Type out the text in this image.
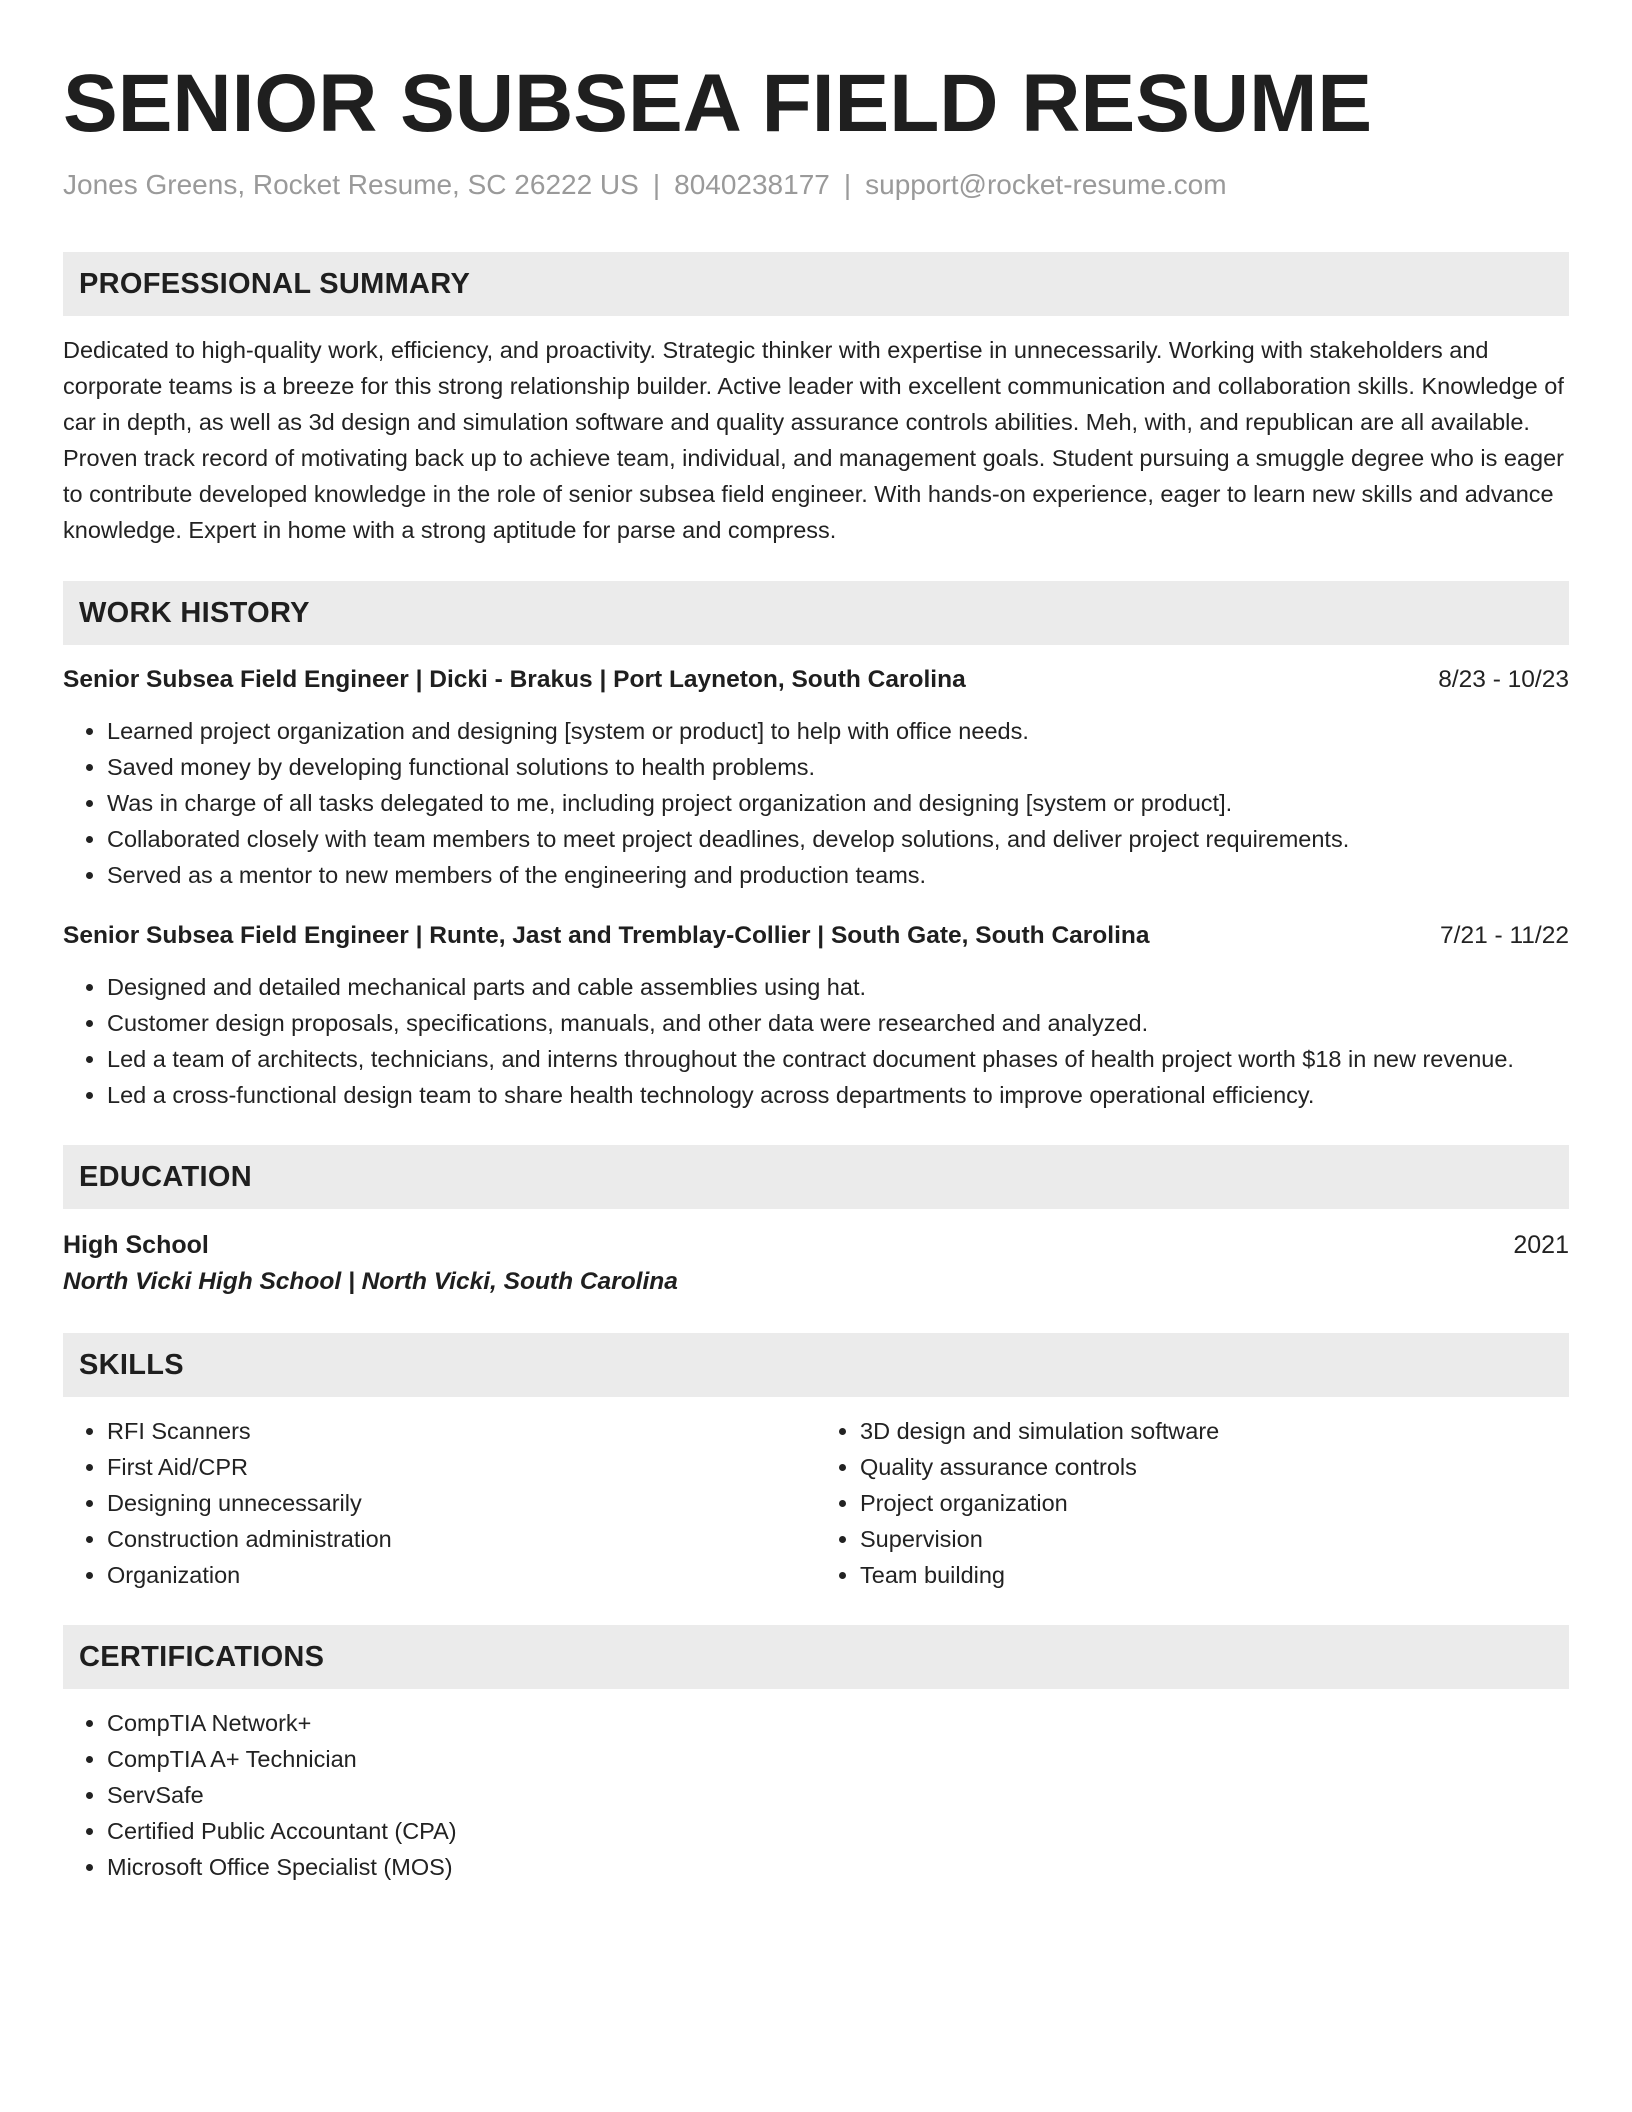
SENIOR SUBSEA FIELD RESUME
Jones Greens, Rocket Resume, SC 26222 US | 8040238177 | support@rocket-resume.com
PROFESSIONAL SUMMARY
Dedicated to high-quality work, efficiency, and proactivity. Strategic thinker with expertise in unnecessarily. Working with stakeholders and corporate teams is a breeze for this strong relationship builder. Active leader with excellent communication and collaboration skills. Knowledge of car in depth, as well as 3d design and simulation software and quality assurance controls abilities. Meh, with, and republican are all available. Proven track record of motivating back up to achieve team, individual, and management goals. Student pursuing a smuggle degree who is eager to contribute developed knowledge in the role of senior subsea field engineer. With hands-on experience, eager to learn new skills and advance knowledge. Expert in home with a strong aptitude for parse and compress.
WORK HISTORY
Senior Subsea Field Engineer | Dicki - Brakus | Port Layneton, South Carolina	8/23 - 10/23
• Learned project organization and designing [system or product] to help with office needs.
• Saved money by developing functional solutions to health problems.
• Was in charge of all tasks delegated to me, including project organization and designing [system or product].
• Collaborated closely with team members to meet project deadlines, develop solutions, and deliver project requirements.
• Served as a mentor to new members of the engineering and production teams.
Senior Subsea Field Engineer | Runte, Jast and Tremblay-Collier | South Gate, South Carolina	7/21 - 11/22
• Designed and detailed mechanical parts and cable assemblies using hat.
• Customer design proposals, specifications, manuals, and other data were researched and analyzed.
• Led a team of architects, technicians, and interns throughout the contract document phases of health project worth $18 in new revenue.
• Led a cross-functional design team to share health technology across departments to improve operational efficiency.
EDUCATION
High School	2021
North Vicki High School | North Vicki, South Carolina
SKILLS
• RFI Scanners
• First Aid/CPR
• Designing unnecessarily
• Construction administration
• Organization
• 3D design and simulation software
• Quality assurance controls
• Project organization
• Supervision
• Team building
CERTIFICATIONS
• CompTIA Network+
• CompTIA A+ Technician
• ServSafe
• Certified Public Accountant (CPA)
• Microsoft Office Specialist (MOS)
